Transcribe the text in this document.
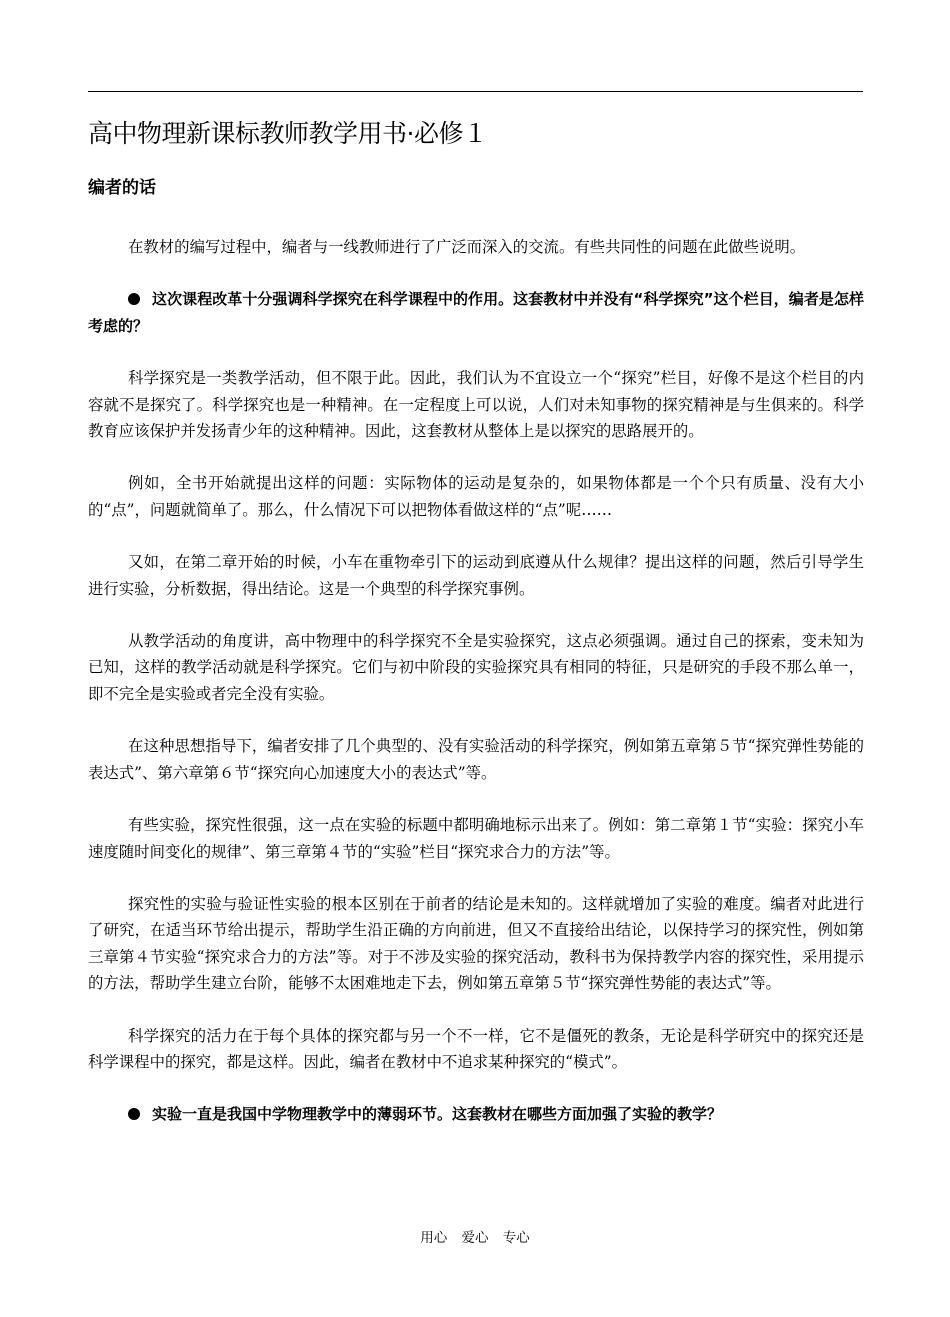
高中物理新课标教师教学用书·必修１
编者的话

在教材的编写过程中，编者与一线教师进行了广泛而深入的交流。有些共同性的问题在此做些说明。

这次课程改革十分强调科学探究在科学课程中的作用。这套教材中并没有“科学探究”这个栏目，编者是怎样考虑的？

科学探究是一类教学活动，但不限于此。因此，我们认为不宜设立一个“探究”栏目，好像不是这个栏目的内容就不是探究了。科学探究也是一种精神。在一定程度上可以说，人们对未知事物的探究精神是与生俱来的。科学教育应该保护并发扬青少年的这种精神。因此，这套教材从整体上是以探究的思路展开的。

例如，全书开始就提出这样的问题：实际物体的运动是复杂的，如果物体都是一个个只有质量、没有大小的“点”，问题就简单了。那么，什么情况下可以把物体看做这样的“点”呢……

又如，在第二章开始的时候，小车在重物牵引下的运动到底遵从什么规律？提出这样的问题，然后引导学生进行实验，分析数据，得出结论。这是一个典型的科学探究事例。

从教学活动的角度讲，高中物理中的科学探究不全是实验探究，这点必须强调。通过自己的探索，变未知为已知，这样的教学活动就是科学探究。它们与初中阶段的实验探究具有相同的特征，只是研究的手段不那么单一，即不完全是实验或者完全没有实验。

在这种思想指导下，编者安排了几个典型的、没有实验活动的科学探究，例如第五章第５节“探究弹性势能的表达式”、第六章第６节“探究向心加速度大小的表达式”等。

有些实验，探究性很强，这一点在实验的标题中都明确地标示出来了。例如：第二章第１节“实验：探究小车速度随时间变化的规律”、第三章第４节的“实验”栏目“探究求合力的方法”等。

探究性的实验与验证性实验的根本区别在于前者的结论是未知的。这样就增加了实验的难度。编者对此进行了研究，在适当环节给出提示，帮助学生沿正确的方向前进，但又不直接给出结论，以保持学习的探究性，例如第三章第４节实验“探究求合力的方法”等。对于不涉及实验的探究活动，教科书为保持教学内容的探究性，采用提示的方法，帮助学生建立台阶，能够不太困难地走下去，例如第五章第５节“探究弹性势能的表达式”等。

科学探究的活力在于每个具体的探究都与另一个不一样，它不是僵死的教条，无论是科学研究中的探究还是科学课程中的探究，都是这样。因此，编者在教材中不追求某种探究的“模式”。

实验一直是我国中学物理教学中的薄弱环节。这套教材在哪些方面加强了实验的教学？

用心 爱心 专心
